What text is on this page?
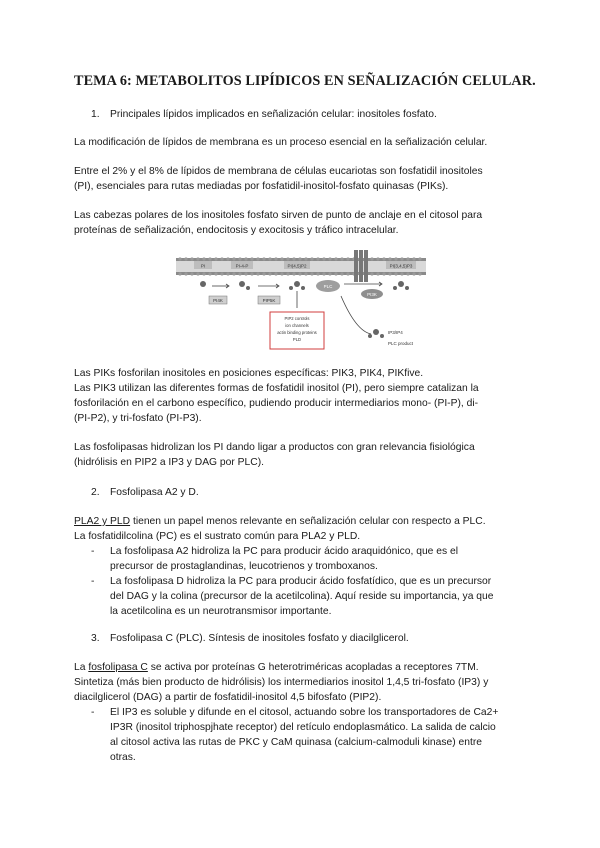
TEMA 6: METABOLITOS LIPÍDICOS EN SEÑALIZACIÓN CELULAR.
1. Principales lípidos implicados en señalización celular: inositoles fosfato.
La modificación de lípidos de membrana es un proceso esencial en la señalización celular.
Entre el 2% y el 8% de lípidos de membrana de células eucariotas son fosfatidil inositoles
(PI), esenciales para rutas mediadas por fosfatidil-inositol-fosfato quinasas (PIKs).
Las cabezas polares de los inositoles fosfato sirven de punto de anclaje en el citosol para
proteínas de señalización, endocitosis y exocitosis y tráfico intracelular.
PI	PI-4-P	PI(4,5)P2	PI(3,4,5)P3
PI4K	PIP5K
PLC
PI3K
IP3/IP4
PLC product
PIP2 controls
ion channels
actin binding proteins
PLD
Las PIKs fosforilan inositoles en posiciones específicas: PIK3, PIK4, PIKfive.
Las PIK3 utilizan las diferentes formas de fosfatidil inositol (PI), pero siempre catalizan la
fosforilación en el carbono específico, pudiendo producir intermediarios mono- (PI-P), di-
(PI-P2), y tri-fosfato (PI-P3).
Las fosfolipasas hidrolizan los PI dando ligar a productos con gran relevancia fisiológica
(hidrólisis en PIP2 a IP3 y DAG por PLC).
2. Fosfolipasa A2 y D.
PLA2 y PLD tienen un papel menos relevante en señalización celular con respecto a PLC.
La fosfatidilcolina (PC) es el sustrato común para PLA2 y PLD.
- La fosfolipasa A2 hidroliza la PC para producir ácido araquidónico, que es el
precursor de prostaglandinas, leucotrienos y tromboxanos.
- La fosfolipasa D hidroliza la PC para producir ácido fosfatídico, que es un precursor
del DAG y la colina (precursor de la acetilcolina). Aquí reside su importancia, ya que
la acetilcolina es un neurotransmisor importante.
3. Fosfolipasa C (PLC). Síntesis de inositoles fosfato y diacilglicerol.
La fosfolipasa C se activa por proteínas G heterotriméricas acopladas a receptores 7TM.
Sintetiza (más bien producto de hidrólisis) los intermediarios inositol 1,4,5 tri-fosfato (IP3) y
diacilglicerol (DAG) a partir de fosfatidil-inositol 4,5 bifosfato (PIP2).
- El IP3 es soluble y difunde en el citosol, actuando sobre los transportadores de Ca2+
IP3R (inositol triphospjhate receptor) del retículo endoplasmático. La salida de calcio
al citosol activa las rutas de PKC y CaM quinasa (calcium-calmoduli kinase) entre
otras.
